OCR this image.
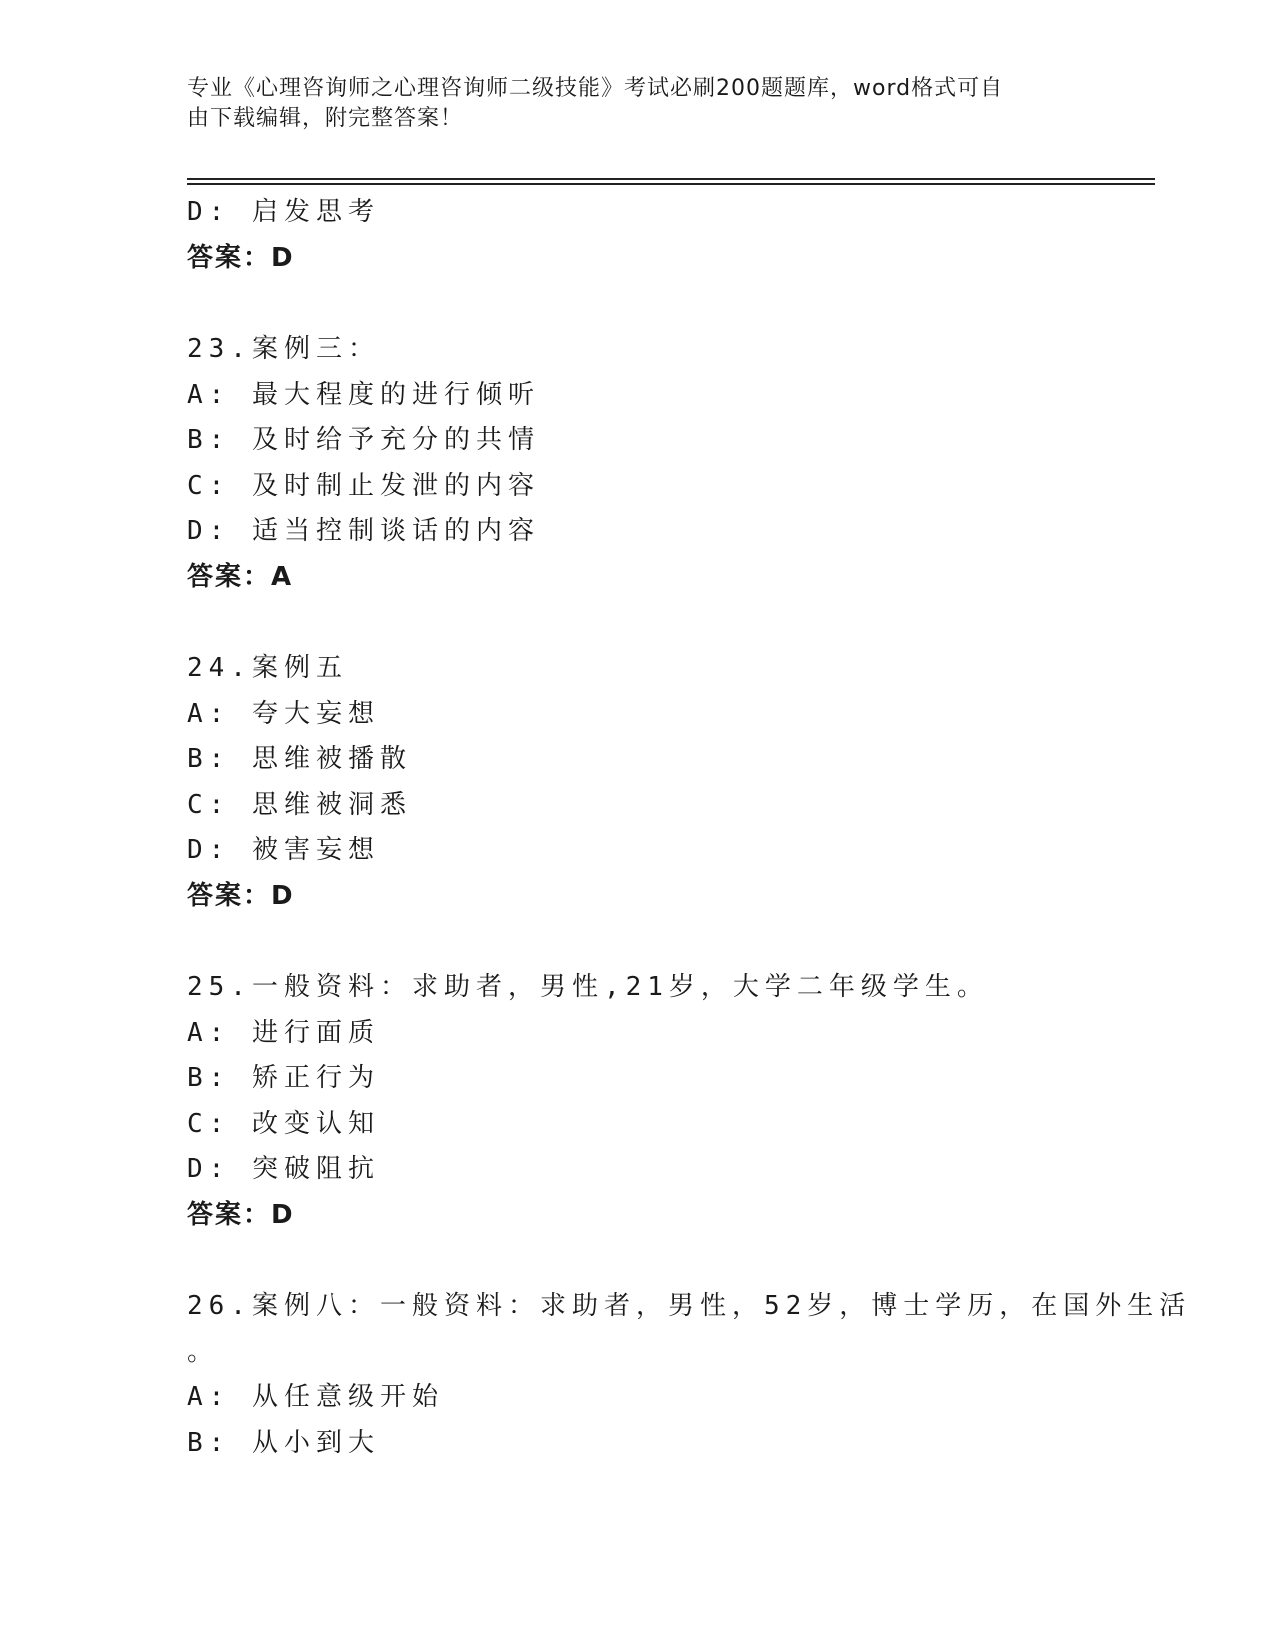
专业《心理咨询师之心理咨询师二级技能》考试必刷200题题库，word格式可自
由下载编辑，附完整答案！
D: 启发思考
答案：D
23.案例三：
A: 最大程度的进行倾听
B: 及时给予充分的共情
C: 及时制止发泄的内容
D: 适当控制谈话的内容
答案：A
24.案例五
A: 夸大妄想
B: 思维被播散
C: 思维被洞悉
D: 被害妄想
答案：D
25.一般资料：求助者，男性,21岁，大学二年级学生。
A: 进行面质
B: 矫正行为
C: 改变认知
D: 突破阻抗
答案：D
26.案例八：一般资料：求助者，男性，52岁，博士学历，在国外生活
。
A: 从任意级开始
B: 从小到大
